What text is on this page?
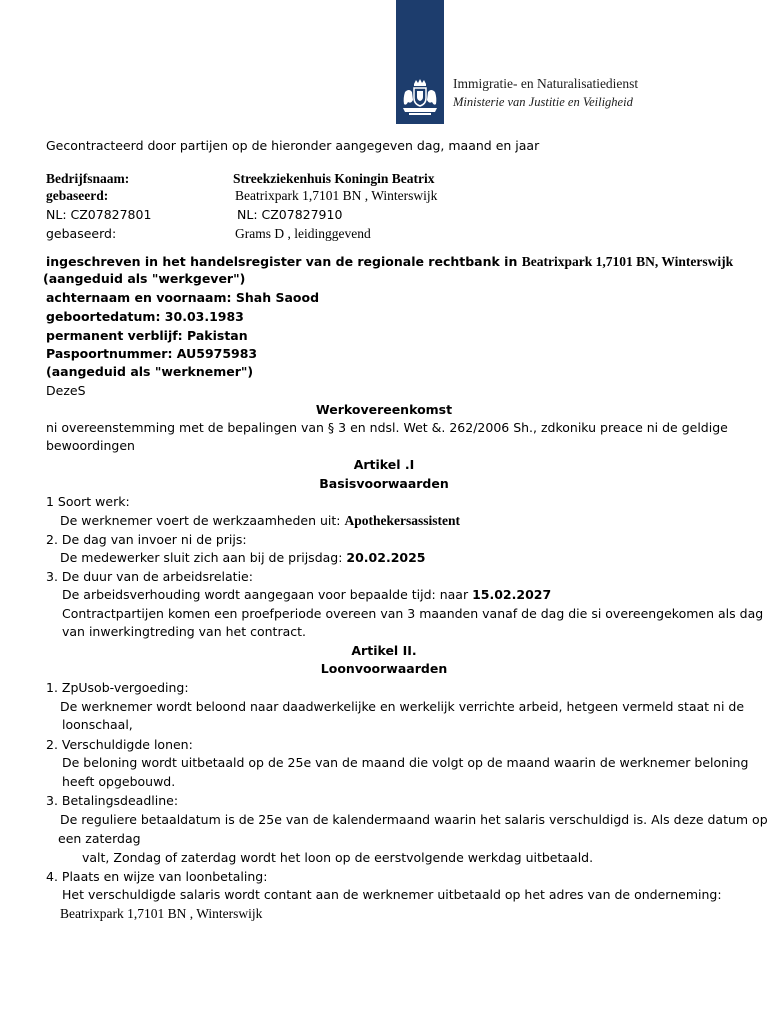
Immigratie- en Naturalisatiedienst
Ministerie van Justitie en Veiligheid
Gecontracteerd door partijen op de hieronder aangegeven dag, maand en jaar
Bedrijfsnaam:	Streekziekenhuis Koningin Beatrix
gebaseerd:	Beatrixpark 1,7101 BN , Winterswijk
NL: CZ07827801	NL: CZ07827910
gebaseerd:	Grams D , leidinggevend
ingeschreven in het handelsregister van de regionale rechtbank in Beatrixpark 1,7101 BN, Winterswijk
(aangeduid als "werkgever")
achternaam en voornaam: Shah Saood
geboortedatum: 30.03.1983
permanent verblijf: Pakistan
Paspoortnummer: AU5975983
(aangeduid als "werknemer")
DezeS
Werkovereenkomst
ni overeenstemming met de bepalingen van § 3 en ndsl. Wet &. 262/2006 Sh., zdkoniku preace ni de geldige
bewoordingen
Artikel .I
Basisvoorwaarden
1 Soort werk:
De werknemer voert de werkzaamheden uit: Apothekersassistent
2. De dag van invoer ni de prijs:
De medewerker sluit zich aan bij de prijsdag: 20.02.2025
3. De duur van de arbeidsrelatie:
De arbeidsverhouding wordt aangegaan voor bepaalde tijd: naar 15.02.2027
Contractpartijen komen een proefperiode overeen van 3 maanden vanaf de dag die si overeengekomen als dag
van inwerkingtreding van het contract.
Artikel II.
Loonvoorwaarden
1. ZpUsob-vergoeding:
De werknemer wordt beloond naar daadwerkelijke en werkelijk verrichte arbeid, hetgeen vermeld staat ni de
loonschaal,
2. Verschuldigde lonen:
De beloning wordt uitbetaald op de 25e van de maand die volgt op de maand waarin de werknemer beloning
heeft opgebouwd.
3. Betalingsdeadline:
De reguliere betaaldatum is de 25e van de kalendermaand waarin het salaris verschuldigd is. Als deze datum op
een zaterdag
valt, Zondag of zaterdag wordt het loon op de eerstvolgende werkdag uitbetaald.
4. Plaats en wijze van loonbetaling:
Het verschuldigde salaris wordt contant aan de werknemer uitbetaald op het adres van de onderneming:
Beatrixpark 1,7101 BN , Winterswijk
